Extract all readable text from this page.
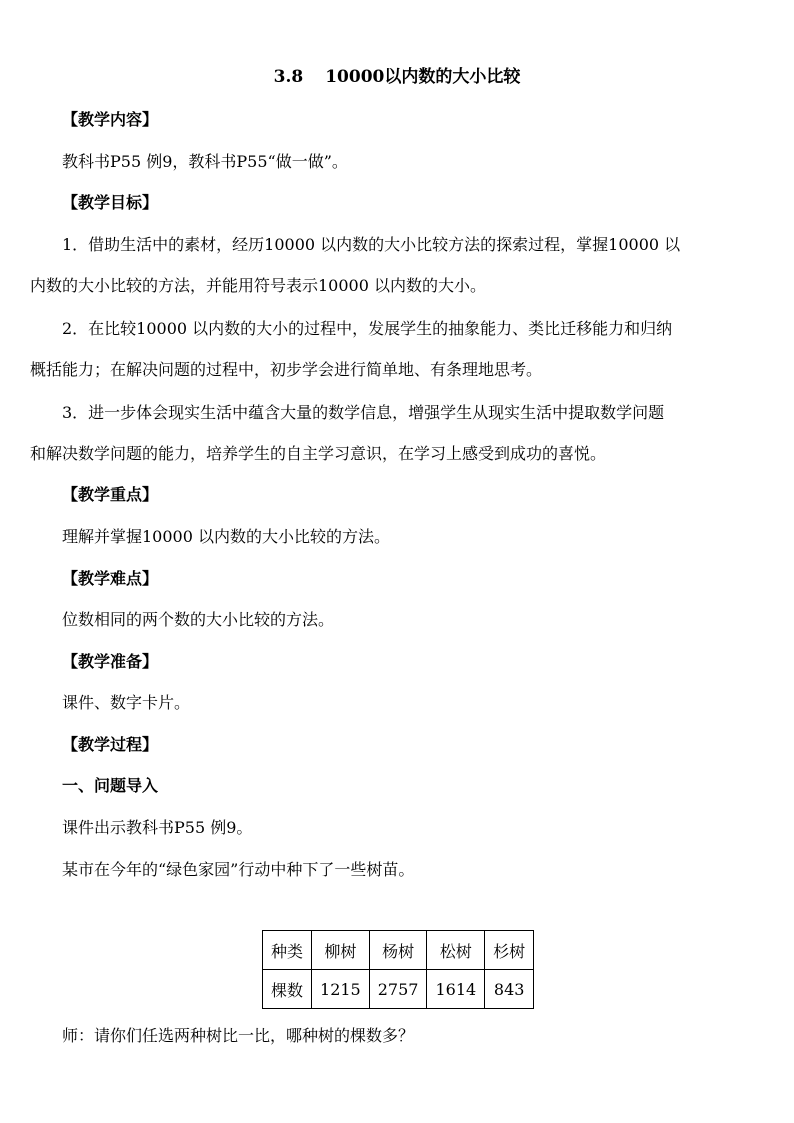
3.8 10000以内数的大小比较
【教学内容】
教科书P55 例9，教科书P55“做一做”。
【教学目标】
1．借助生活中的素材，经历10000 以内数的大小比较方法的探索过程，掌握10000 以
内数的大小比较的方法，并能用符号表示10000 以内数的大小。
2．在比较10000 以内数的大小的过程中，发展学生的抽象能力、类比迁移能力和归纳
概括能力；在解决问题的过程中，初步学会进行简单地、有条理地思考。
3．进一步体会现实生活中蕴含大量的数学信息，增强学生从现实生活中提取数学问题
和解决数学问题的能力，培养学生的自主学习意识，在学习上感受到成功的喜悦。
【教学重点】
理解并掌握10000 以内数的大小比较的方法。
【教学难点】
位数相同的两个数的大小比较的方法。
【教学准备】
课件、数字卡片。
【教学过程】
一、问题导入
课件出示教科书P55 例9。
某市在今年的“绿色家园”行动中种下了一些树苗。
种类	柳树	杨树	松树	杉树
棵数	1215	2757	1614	843
师：请你们任选两种树比一比，哪种树的棵数多？
